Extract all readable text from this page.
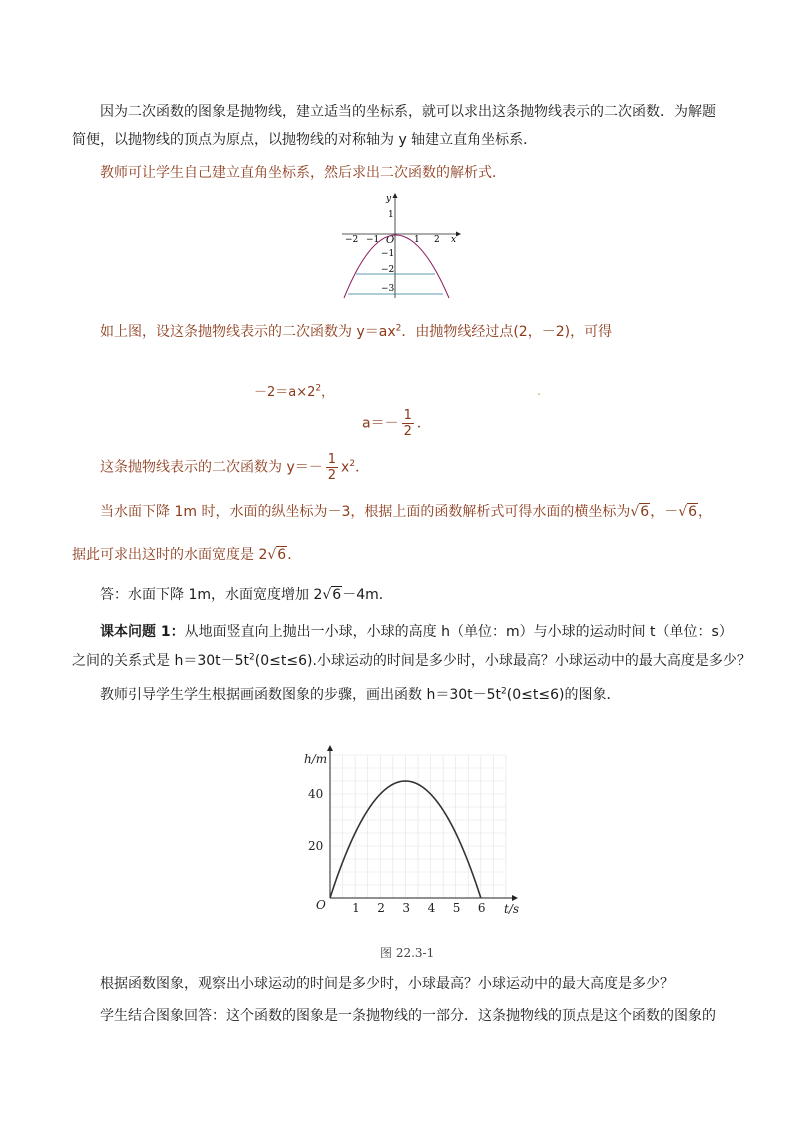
因为二次函数的图象是抛物线，建立适当的坐标系，就可以求出这条抛物线表示的二次函数．为解题
简便，以抛物线的顶点为原点，以抛物线的对称轴为 y 轴建立直角坐标系．
教师可让学生自己建立直角坐标系，然后求出二次函数的解析式．
y
x
O
−2 −1	1 2
1
−1
−2
−3
如上图，设这条抛物线表示的二次函数为 $y=ax^2$．由抛物线经过点(2，－2)，可得
$-2=a\times 2^2$，	.
$a=- \frac{1}{2}$ ．
这条抛物线表示的二次函数为 $y=- \frac{1}{2} x^2$．
当水面下降 1m 时，水面的纵坐标为－3，根据上面的函数解析式可得水面的横坐标为√6，－√6，
据此可求出这时的水面宽度是 2√6．
答：水面下降 1m，水面宽度增加 2√6－4m．
课本问题 1：从地面竖直向上抛出一小球，小球的高度 h（单位：m）与小球的运动时间 t（单位：s）
之间的关系式是 $h=30t-5t^2(0\le t\le 6)$.小球运动的时间是多少时，小球最高？小球运动中的最大高度是多少？
教师引导学生学生根据画函数图象的步骤，画出函数 $h=30t-5t^2(0\le t\le 6)$的图象．
1 2 3 4 5 6
20
40
h/m
t/s
O
图 22.3-1
根据函数图象，观察出小球运动的时间是多少时，小球最高？小球运动中的最大高度是多少？
学生结合图象回答：这个函数的图象是一条抛物线的一部分．这条抛物线的顶点是这个函数的图象的
